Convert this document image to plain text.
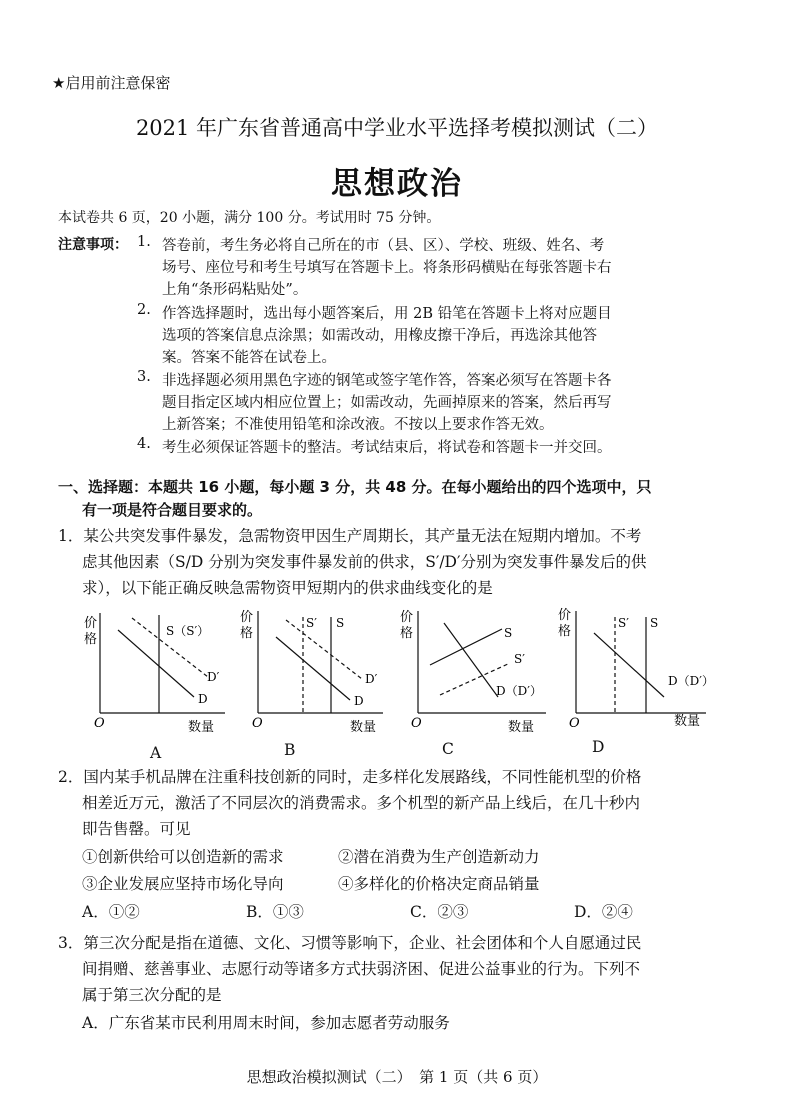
★启用前注意保密
2021 年广东省普通高中学业水平选择考模拟测试（二）
思想政治
本试卷共 6 页，20 小题，满分 100 分。考试用时 75 分钟。
注意事项： 1. 答卷前，考生务必将自己所在的市（县、区）、学校、班级、姓名、考
场号、座位号和考生号填写在答题卡上。将条形码横贴在每张答题卡右
上角“条形码粘贴处”。
2. 作答选择题时，选出每小题答案后，用 2B 铅笔在答题卡上将对应题目
选项的答案信息点涂黑；如需改动，用橡皮擦干净后，再选涂其他答
案。答案不能答在试卷上。
3. 非选择题必须用黑色字迹的钢笔或签字笔作答，答案必须写在答题卡各
题目指定区域内相应位置上；如需改动，先画掉原来的答案，然后再写
上新答案；不准使用铅笔和涂改液。不按以上要求作答无效。
4. 考生必须保证答题卡的整洁。考试结束后，将试卷和答题卡一并交回。
一、选择题：本题共 16 小题，每小题 3 分，共 48 分。在每小题给出的四个选项中，只
有一项是符合题目要求的。
1．某公共突发事件暴发，急需物资甲因生产周期长，其产量无法在短期内增加。不考
虑其他因素（S/D 分别为突发事件暴发前的供求，S′/D′分别为突发事件暴发后的供
求），以下能正确反映急需物资甲短期内的供求曲线变化的是
价
格
O	数量
S（S′）
D′
D
A
价
格
O	数量
S′ S
D′
D
B
价
格
O	数量
S
S′
D（D′）
C
价
格
O	数量
S′ S
D（D′）
D
2．国内某手机品牌在注重科技创新的同时，走多样化发展路线，不同性能机型的价格
相差近万元，激活了不同层次的消费需求。多个机型的新产品上线后，在几十秒内
即告售罄。可见
①创新供给可以创造新的需求	②潜在消费为生产创造新动力
③企业发展应坚持市场化导向	④多样化的价格决定商品销量
A．①②	B．①③	C．②③	D．②④
3．第三次分配是指在道德、文化、习惯等影响下，企业、社会团体和个人自愿通过民
间捐赠、慈善事业、志愿行动等诸多方式扶弱济困、促进公益事业的行为。下列不
属于第三次分配的是
A．广东省某市民利用周末时间，参加志愿者劳动服务
思想政治模拟测试（二）　第 1 页（共 6 页）
